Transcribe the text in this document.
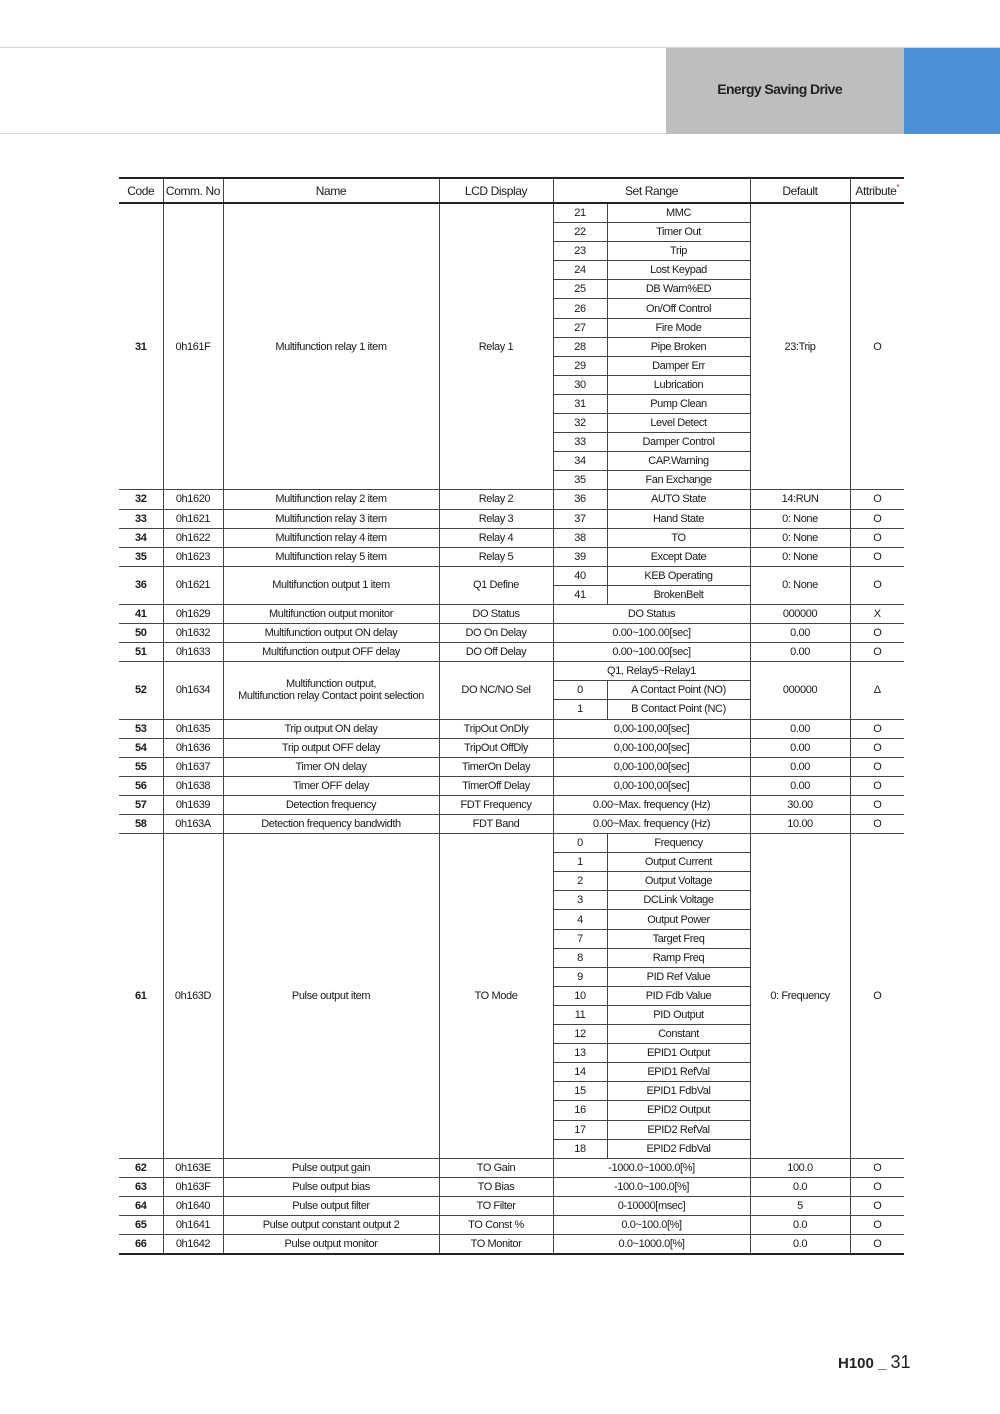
Energy Saving Drive
Code	Comm. No	Name	LCD Display	Set Range		Default	Attribute*
31	0h161F	Multifunction relay 1 item	Relay 1	21	MMC	23:Trip	O
				22	Timer Out		
				23	Trip		
				24	Lost Keypad		
				25	DB Warn%ED		
				26	On/Off Control		
				27	Fire Mode		
				28	Pipe Broken		
				29	Damper Err		
				30	Lubrication		
				31	Pump Clean		
				32	Level Detect		
				33	Damper Control		
				34	CAP.Warning		
				35	Fan Exchange		
32	0h1620	Multifunction relay 2 item	Relay 2	36	AUTO State	14:RUN	O
33	0h1621	Multifunction relay 3 item	Relay 3	37	Hand State	0: None	O
34	0h1622	Multifunction relay 4 item	Relay 4	38	TO	0: None	O
35	0h1623	Multifunction relay 5 item	Relay 5	39	Except Date	0: None	O
36	0h1621	Multifunction output 1 item	Q1 Define	40	KEB Operating	0: None	O
				41	BrokenBelt		
41	0h1629	Multifunction output monitor	DO Status	DO Status		000000	X
50	0h1632	Multifunction output ON delay	DO On Delay	0.00~100.00[sec]		0.00	O
51	0h1633	Multifunction output OFF delay	DO Off Delay	0.00~100.00[sec]		0.00	O
52	0h1634	Multifunction output,
Multifunction relay Contact point selection	DO NC/NO Sel	Q1, Relay5~Relay1		000000	Δ
				0	A Contact Point (NO)		
				1	B Contact Point (NC)		
53	0h1635	Trip output ON delay	TripOut OnDly	0,00-100,00[sec]		0.00	O
54	0h1636	Trip output OFF delay	TripOut OffDly	0,00-100,00[sec]		0.00	O
55	0h1637	Timer ON delay	TimerOn Delay	0,00-100,00[sec]		0.00	O
56	0h1638	Timer OFF delay	TimerOff Delay	0,00-100,00[sec]		0.00	O
57	0h1639	Detection frequency	FDT Frequency	0.00~Max. frequency (Hz)		30.00	O
58	0h163A	Detection frequency bandwidth	FDT Band	0.00~Max. frequency (Hz)		10.00	O
61	0h163D	Pulse output item	TO Mode	0	Frequency	0: Frequency	O
				1	Output Current		
				2	Output Voltage		
				3	DCLink Voltage		
				4	Output Power		
				7	Target Freq		
				8	Ramp Freq		
				9	PID Ref Value		
				10	PID Fdb Value		
				11	PID Output		
				12	Constant		
				13	EPID1 Output		
				14	EPID1 RefVal		
				15	EPID1 FdbVal		
				16	EPID2 Output		
				17	EPID2 RefVal		
				18	EPID2 FdbVal		
62	0h163E	Pulse output gain	TO Gain	-1000.0~1000.0[%]		100.0	O
63	0h163F	Pulse output bias	TO Bias	-100.0~100.0[%]		0.0	O
64	0h1640	Pulse output filter	TO Filter	0-10000[msec]		5	O
65	0h1641	Pulse output constant output 2	TO Const %	0.0~100.0[%]		0.0	O
66	0h1642	Pulse output monitor	TO Monitor	0.0~1000.0[%]		0.0	O
H100 _ 31
